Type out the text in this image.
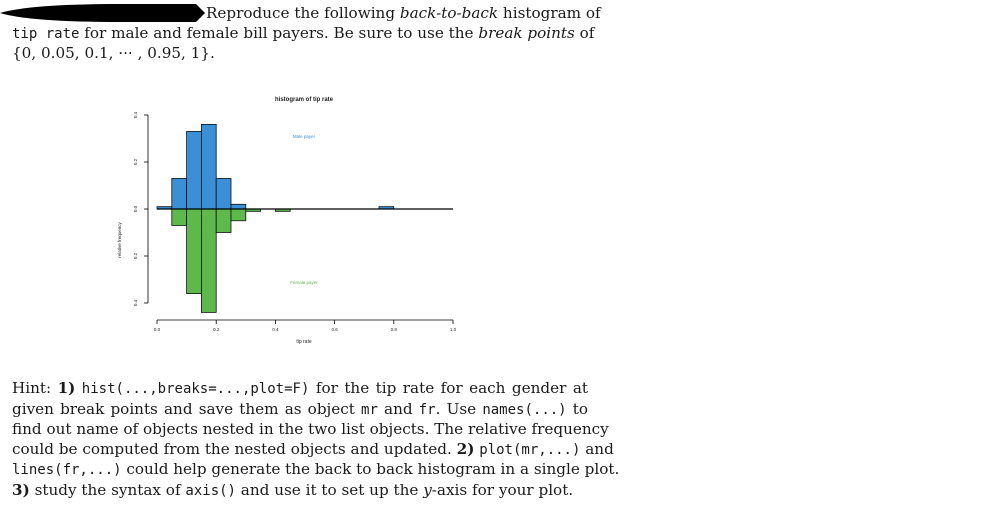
Reproduce the following back-to-back histogram of
tip rate for male and female bill payers. Be sure to use the break points of
{0, 0.05, 0.1, ··· , 0.95, 1}.
histogram of tip rate
tip rate
relative frequency
0.0	0.2	0.4	0.6	0.8	1.0
0.4
0.2
0.0
0.2
0.4
Male payer
Female payer
Hint: 1) hist(...,breaks=...,plot=F) for the tip rate for each gender at
given break points and save them as object mr and fr. Use names(...) to
find out name of objects nested in the two list objects. The relative frequency
could be computed from the nested objects and updated. 2) plot(mr,...) and
lines(fr,...) could help generate the back to back histogram in a single plot.
3) study the syntax of axis() and use it to set up the y-axis for your plot.
